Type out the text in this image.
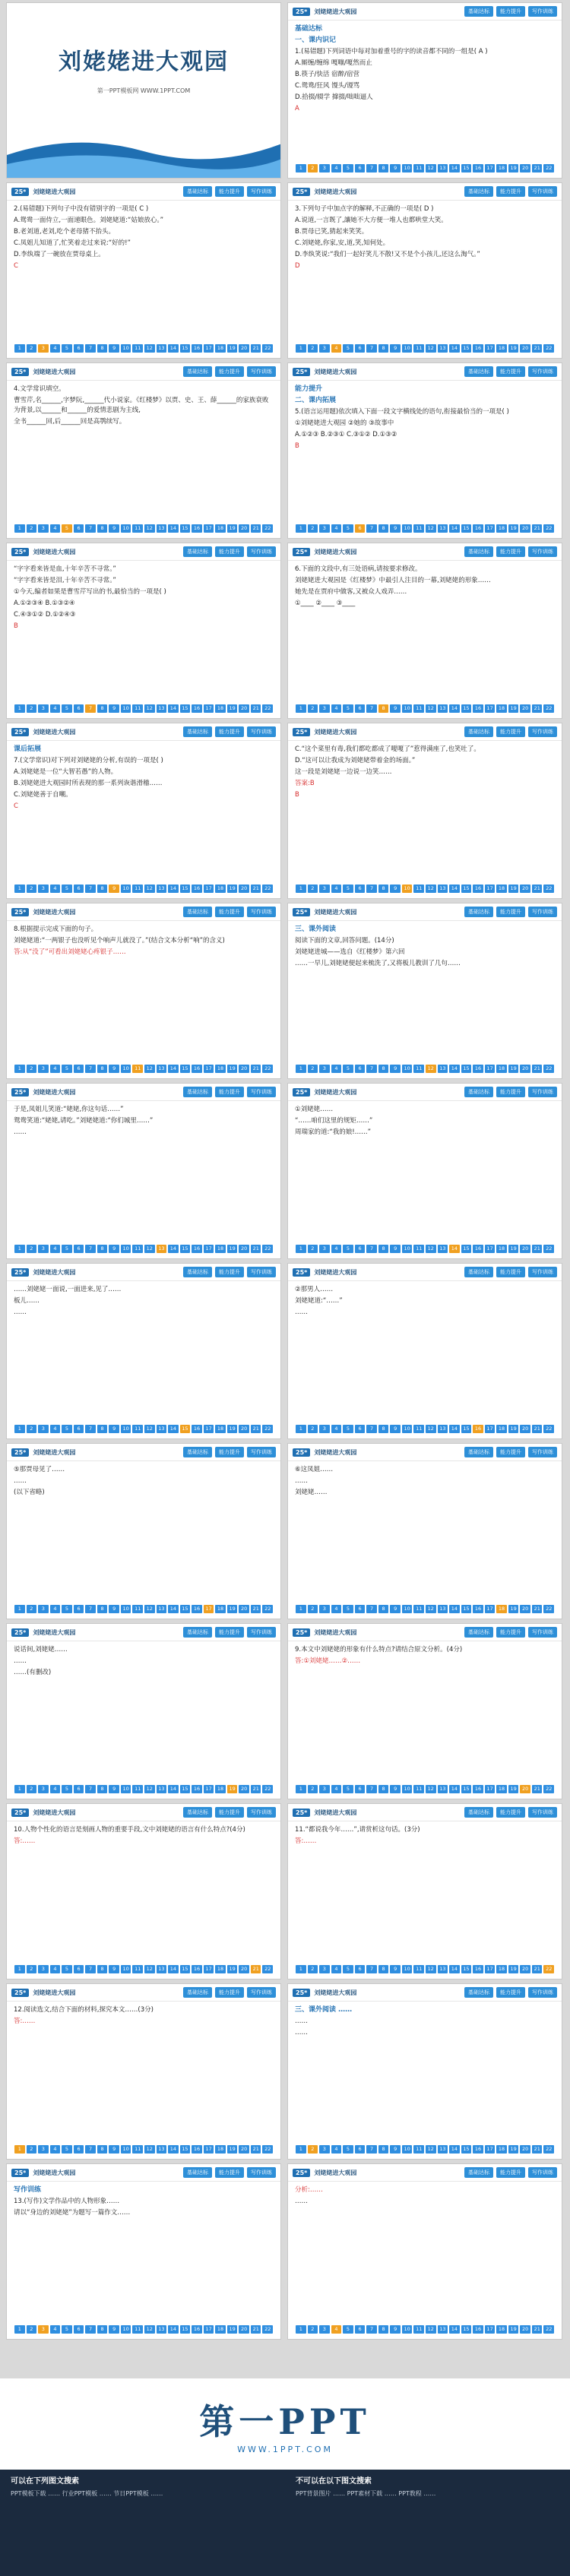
刘姥姥进大观园
第一PPT模板网 WWW.1PPT.COM
25*	刘姥姥进大观园	基础达标	能力提升	写作训练

基础达标

一、课内识记

1.(易错题)下列词语中每对加着重号的字的读音都不同的一组是( A )

A.厮缠/缠绵 嘎嘣/嗄然而止

B.筷子/快活 宿醉/宿营

C.鸳鸯/狂风 馒头/谩骂

D.拾掇/辍学 撺掇/咄咄逼人

A

1	2	3	4	5	6	7	8	9	10	11	12	13	14	15	16	17	18	19	20	21	22
25*	刘姥姥进大观园	基础达标	能力提升	写作训练

2.(易错题)下列句子中没有错别字的一项是( C )

A.鸳鸯一面侍立,一面递眼色。刘姥姥道:“姑娘放心。”

B.老刘道,老刘,吃个老母猪不抬头。

C.凤姐儿知道了,忙笑着走过来说:“好的!”

D.李纨端了一碗放在贾母桌上。

C

1	2	3	4	5	6	7	8	9	10	11	12	13	14	15	16	17	18	19	20	21	22
25*	刘姥姥进大观园	基础达标	能力提升	写作训练

3.下列句子中加点字的解释,不正确的一项是( D )

A.说道,一言既了,讓她不大方便一堆人也都哄堂大笑。

B.贾母已笑,猜起来笑笑。

C.刘姥姥,你家,安,道,笑,知何处。

D.李纨笑说:“我们一起好笑儿不散!又不是个小孩儿,还这么淘气。”

D

1	2	3	4	5	6	7	8	9	10	11	12	13	14	15	16	17	18	19	20	21	22
25*	刘姥姥进大观园	基础达标	能力提升	写作训练

4.文学常识填空。

曹雪芹,名______,字梦阮,______代小说家。《红楼梦》以贾、史、王、薛______的家族衰败为背景,以______和______的爱情悲剧为主线,

全书______回,后______回是高鹗续写。

1	2	3	4	5	6	7	8	9	10	11	12	13	14	15	16	17	18	19	20	21	22
25*	刘姥姥进大观园	基础达标	能力提升	写作训练

能力提升

二、课内拓展

5.(语言运用题)依次填入下面一段文字横线处的语句,衔接最恰当的一项是( )

①刘姥姥进大观园 ②她的 ③故事中

A.①②③ B.②③① C.③①② D.①③②

B

1	2	3	4	5	6	7	8	9	10	11	12	13	14	15	16	17	18	19	20	21	22
25*	刘姥姥进大观园	基础达标	能力提升	写作训练

“字字看来皆是血,十年辛苦不寻常。”

“字字看来皆是泪,十年辛苦不寻常。”

①今天,编者如果是曹雪芹写出的书,最恰当的一项是( )

A.①②③④ B.①③②④

C.④③①② D.①②④③

B

1	2	3	4	5	6	7	8	9	10	11	12	13	14	15	16	17	18	19	20	21	22
25*	刘姥姥进大观园	基础达标	能力提升	写作训练

6.下面的文段中,有三处语病,请按要求修改。

刘姥姥进大观园是《红楼梦》中最引人注目的一幕,刘姥姥的形象……

她先是在贾府中做客,又被众人戏弄……

①____ ②____ ③____

1	2	3	4	5	6	7	8	9	10	11	12	13	14	15	16	17	18	19	20	21	22
25*	刘姥姥进大观园	基础达标	能力提升	写作训练

课后拓展

7.(文学常识)对下列对刘姥姥的分析,有误的一项是( )

A.刘姥姥是一位“大智若愚”的人物。

B.刘姥姥进大观园时所表现的那一系列诙谐滑稽……

C.刘姥姥善于自嘲。

C

1	2	3	4	5	6	7	8	9	10	11	12	13	14	15	16	17	18	19	20	21	22
25*	刘姥姥进大观园	基础达标	能力提升	写作训练

C.“这个菜里有毒,我们都吃都成了嗄嗄了”惹得满座了,也笑吐了。

D.“这可以让我成为刘姥姥带着金的场面。”

这一段是刘姥姥一边说一边笑……

答案:B

B

1	2	3	4	5	6	7	8	9	10	11	12	13	14	15	16	17	18	19	20	21	22
25*	刘姥姥进大观园	基础达标	能力提升	写作训练

8.根据提示完成下面的句子。

刘姥姥道:“一两银子也没听见个响声儿就没了。”(结合文本分析“响”的含义)

答:从“没了”可看出刘姥姥心疼银子……

1	2	3	4	5	6	7	8	9	10	11	12	13	14	15	16	17	18	19	20	21	22
25*	刘姥姥进大观园	基础达标	能力提升	写作训练

三、课外阅读

阅读下面的文章,回答问题。(14分)

刘姥姥进城——选自《红楼梦》第六回

……一早儿,刘姥姥便起来梳洗了,又将板儿教训了几句……

1	2	3	4	5	6	7	8	9	10	11	12	13	14	15	16	17	18	19	20	21	22
25*	刘姥姥进大观园	基础达标	能力提升	写作训练

于是,凤姐儿笑道:“姥姥,你这句话……”

鸳鸯笑道:“姥姥,请吃。”刘姥姥道:“你们城里……”

……

1	2	3	4	5	6	7	8	9	10	11	12	13	14	15	16	17	18	19	20	21	22
25*	刘姥姥进大观园	基础达标	能力提升	写作训练

①刘姥姥……

“……咱们这里的规矩……”

周瑞家的道:“我的娘!……”

1	2	3	4	5	6	7	8	9	10	11	12	13	14	15	16	17	18	19	20	21	22
25*	刘姥姥进大观园	基础达标	能力提升	写作训练

……刘姥姥一面说,一面进来,见了……

板儿……

……

1	2	3	4	5	6	7	8	9	10	11	12	13	14	15	16	17	18	19	20	21	22
25*	刘姥姥进大观园	基础达标	能力提升	写作训练

②那男人……

刘姥姥道:“……”

……

1	2	3	4	5	6	7	8	9	10	11	12	13	14	15	16	17	18	19	20	21	22
25*	刘姥姥进大观园	基础达标	能力提升	写作训练

⑤那贾母见了……

……

(以下省略)

1	2	3	4	5	6	7	8	9	10	11	12	13	14	15	16	17	18	19	20	21	22
25*	刘姥姥进大观园	基础达标	能力提升	写作训练

⑥这凤姐……

……

刘姥姥……

1	2	3	4	5	6	7	8	9	10	11	12	13	14	15	16	17	18	19	20	21	22
25*	刘姥姥进大观园	基础达标	能力提升	写作训练

说话间,刘姥姥……

……

……(有删改)

1	2	3	4	5	6	7	8	9	10	11	12	13	14	15	16	17	18	19	20	21	22
25*	刘姥姥进大观园	基础达标	能力提升	写作训练

9.本文中刘姥姥的形象有什么特点?请结合原文分析。(4分)

答:①刘姥姥……②……

1	2	3	4	5	6	7	8	9	10	11	12	13	14	15	16	17	18	19	20	21	22
25*	刘姥姥进大观园	基础达标	能力提升	写作训练

10.人物个性化的语言是刻画人物的重要手段,文中刘姥姥的语言有什么特点?(4分)

答:……

1	2	3	4	5	6	7	8	9	10	11	12	13	14	15	16	17	18	19	20	21	22
25*	刘姥姥进大观园	基础达标	能力提升	写作训练

11.“都说我今年……”,请赏析这句话。(3分)

答:……

1	2	3	4	5	6	7	8	9	10	11	12	13	14	15	16	17	18	19	20	21	22
25*	刘姥姥进大观园	基础达标	能力提升	写作训练

12.阅读选文,结合下面的材料,探究本文……(3分)

答:……

1	2	3	4	5	6	7	8	9	10	11	12	13	14	15	16	17	18	19	20	21	22
25*	刘姥姥进大观园	基础达标	能力提升	写作训练

三、课外阅读 ……

……

……

1	2	3	4	5	6	7	8	9	10	11	12	13	14	15	16	17	18	19	20	21	22
25*	刘姥姥进大观园	基础达标	能力提升	写作训练

写作训练

13.(写作)文学作品中的人物形象……

请以“身边的刘姥姥”为题写一篇作文……

1	2	3	4	5	6	7	8	9	10	11	12	13	14	15	16	17	18	19	20	21	22
25*	刘姥姥进大观园	基础达标	能力提升	写作训练

分析:……

……

1	2	3	4	5	6	7	8	9	10	11	12	13	14	15	16	17	18	19	20	21	22
第一PPT
WWW.1PPT.COM
可以在下列图文搜索
PPT模板下载 …… 行业PPT模板 …… 节日PPT模板 ……
不可以在以下图文搜索
PPT背景图片 …… PPT素材下载 …… PPT教程 ……
